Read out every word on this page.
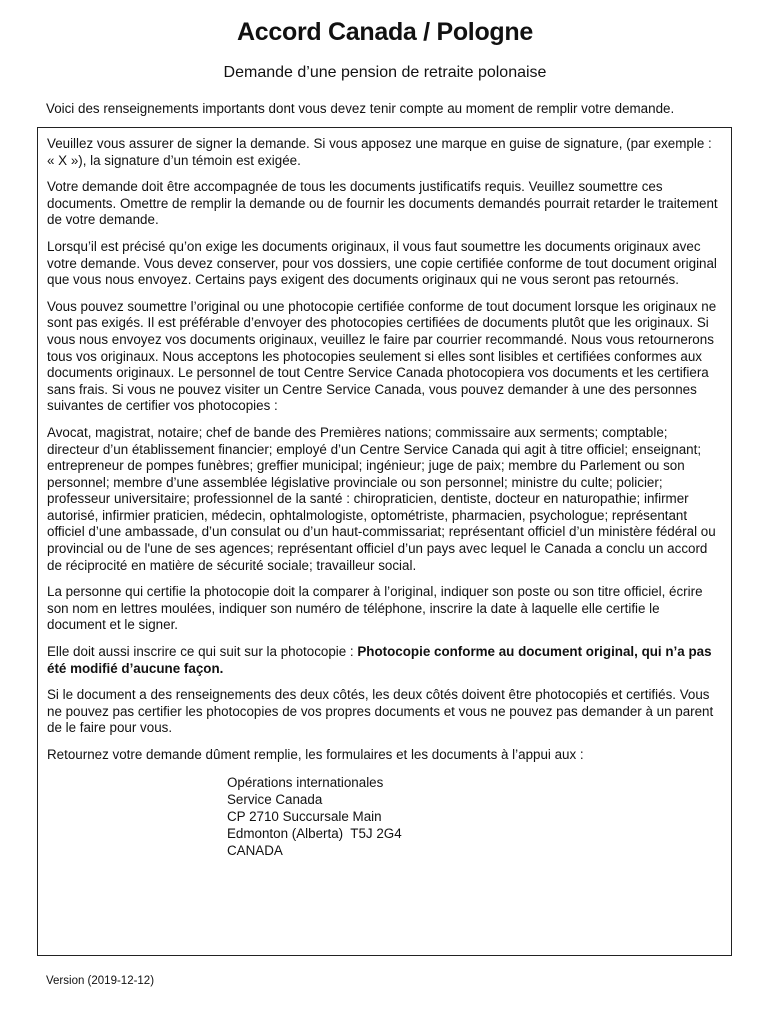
Accord Canada / Pologne
Demande d’une pension de retraite polonaise
Voici des renseignements importants dont vous devez tenir compte au moment de remplir votre demande.

Veuillez vous assurer de signer la demande. Si vous apposez une marque en guise de signature, (par exemple : « X »), la signature d’un témoin est exigée.

Votre demande doit être accompagnée de tous les documents justificatifs requis. Veuillez soumettre ces documents. Omettre de remplir la demande ou de fournir les documents demandés pourrait retarder le traitement de votre demande.

Lorsqu’il est précisé qu’on exige les documents originaux, il vous faut soumettre les documents originaux avec votre demande. Vous devez conserver, pour vos dossiers, une copie certifiée conforme de tout document original que vous nous envoyez. Certains pays exigent des documents originaux qui ne vous seront pas retournés.

Vous pouvez soumettre l’original ou une photocopie certifiée conforme de tout document lorsque les originaux ne sont pas exigés. Il est préférable d’envoyer des photocopies certifiées de documents plutôt que les originaux. Si vous nous envoyez vos documents originaux, veuillez le faire par courrier recommandé. Nous vous retournerons tous vos originaux. Nous acceptons les photocopies seulement si elles sont lisibles et certifiées conformes aux documents originaux. Le personnel de tout Centre Service Canada photocopiera vos documents et les certifiera sans frais. Si vous ne pouvez visiter un Centre Service Canada, vous pouvez demander à une des personnes suivantes de certifier vos photocopies :

Avocat, magistrat, notaire; chef de bande des Premières nations; commissaire aux serments; comptable; directeur d’un établissement financier; employé d’un Centre Service Canada qui agit à titre officiel; enseignant; entrepreneur de pompes funèbres; greffier municipal; ingénieur; juge de paix; membre du Parlement ou son personnel; membre d’une assemblée législative provinciale ou son personnel; ministre du culte; policier; professeur universitaire; professionnel de la santé : chiropraticien, dentiste, docteur en naturopathie; infirmer autorisé, infirmier praticien, médecin, ophtalmologiste, optométriste, pharmacien, psychologue; représentant officiel d’une ambassade, d’un consulat ou d’un haut-commissariat; représentant officiel d’un ministère fédéral ou provincial ou de l'une de ses agences; représentant officiel d’un pays avec lequel le Canada a conclu un accord de réciprocité en matière de sécurité sociale; travailleur social.

La personne qui certifie la photocopie doit la comparer à l’original, indiquer son poste ou son titre officiel, écrire son nom en lettres moulées, indiquer son numéro de téléphone, inscrire la date à laquelle elle certifie le document et le signer.

Elle doit aussi inscrire ce qui suit sur la photocopie : Photocopie conforme au document original, qui n’a pas été modifié d’aucune façon.

Si le document a des renseignements des deux côtés, les deux côtés doivent être photocopiés et certifiés. Vous ne pouvez pas certifier les photocopies de vos propres documents et vous ne pouvez pas demander à un parent de le faire pour vous.

Retournez votre demande dûment remplie, les formulaires et les documents à l’appui aux :

Opérations internationales
Service Canada
CP 2710 Succursale Main
Edmonton (Alberta)  T5J 2G4
CANADA
Version (2019-12-12)
